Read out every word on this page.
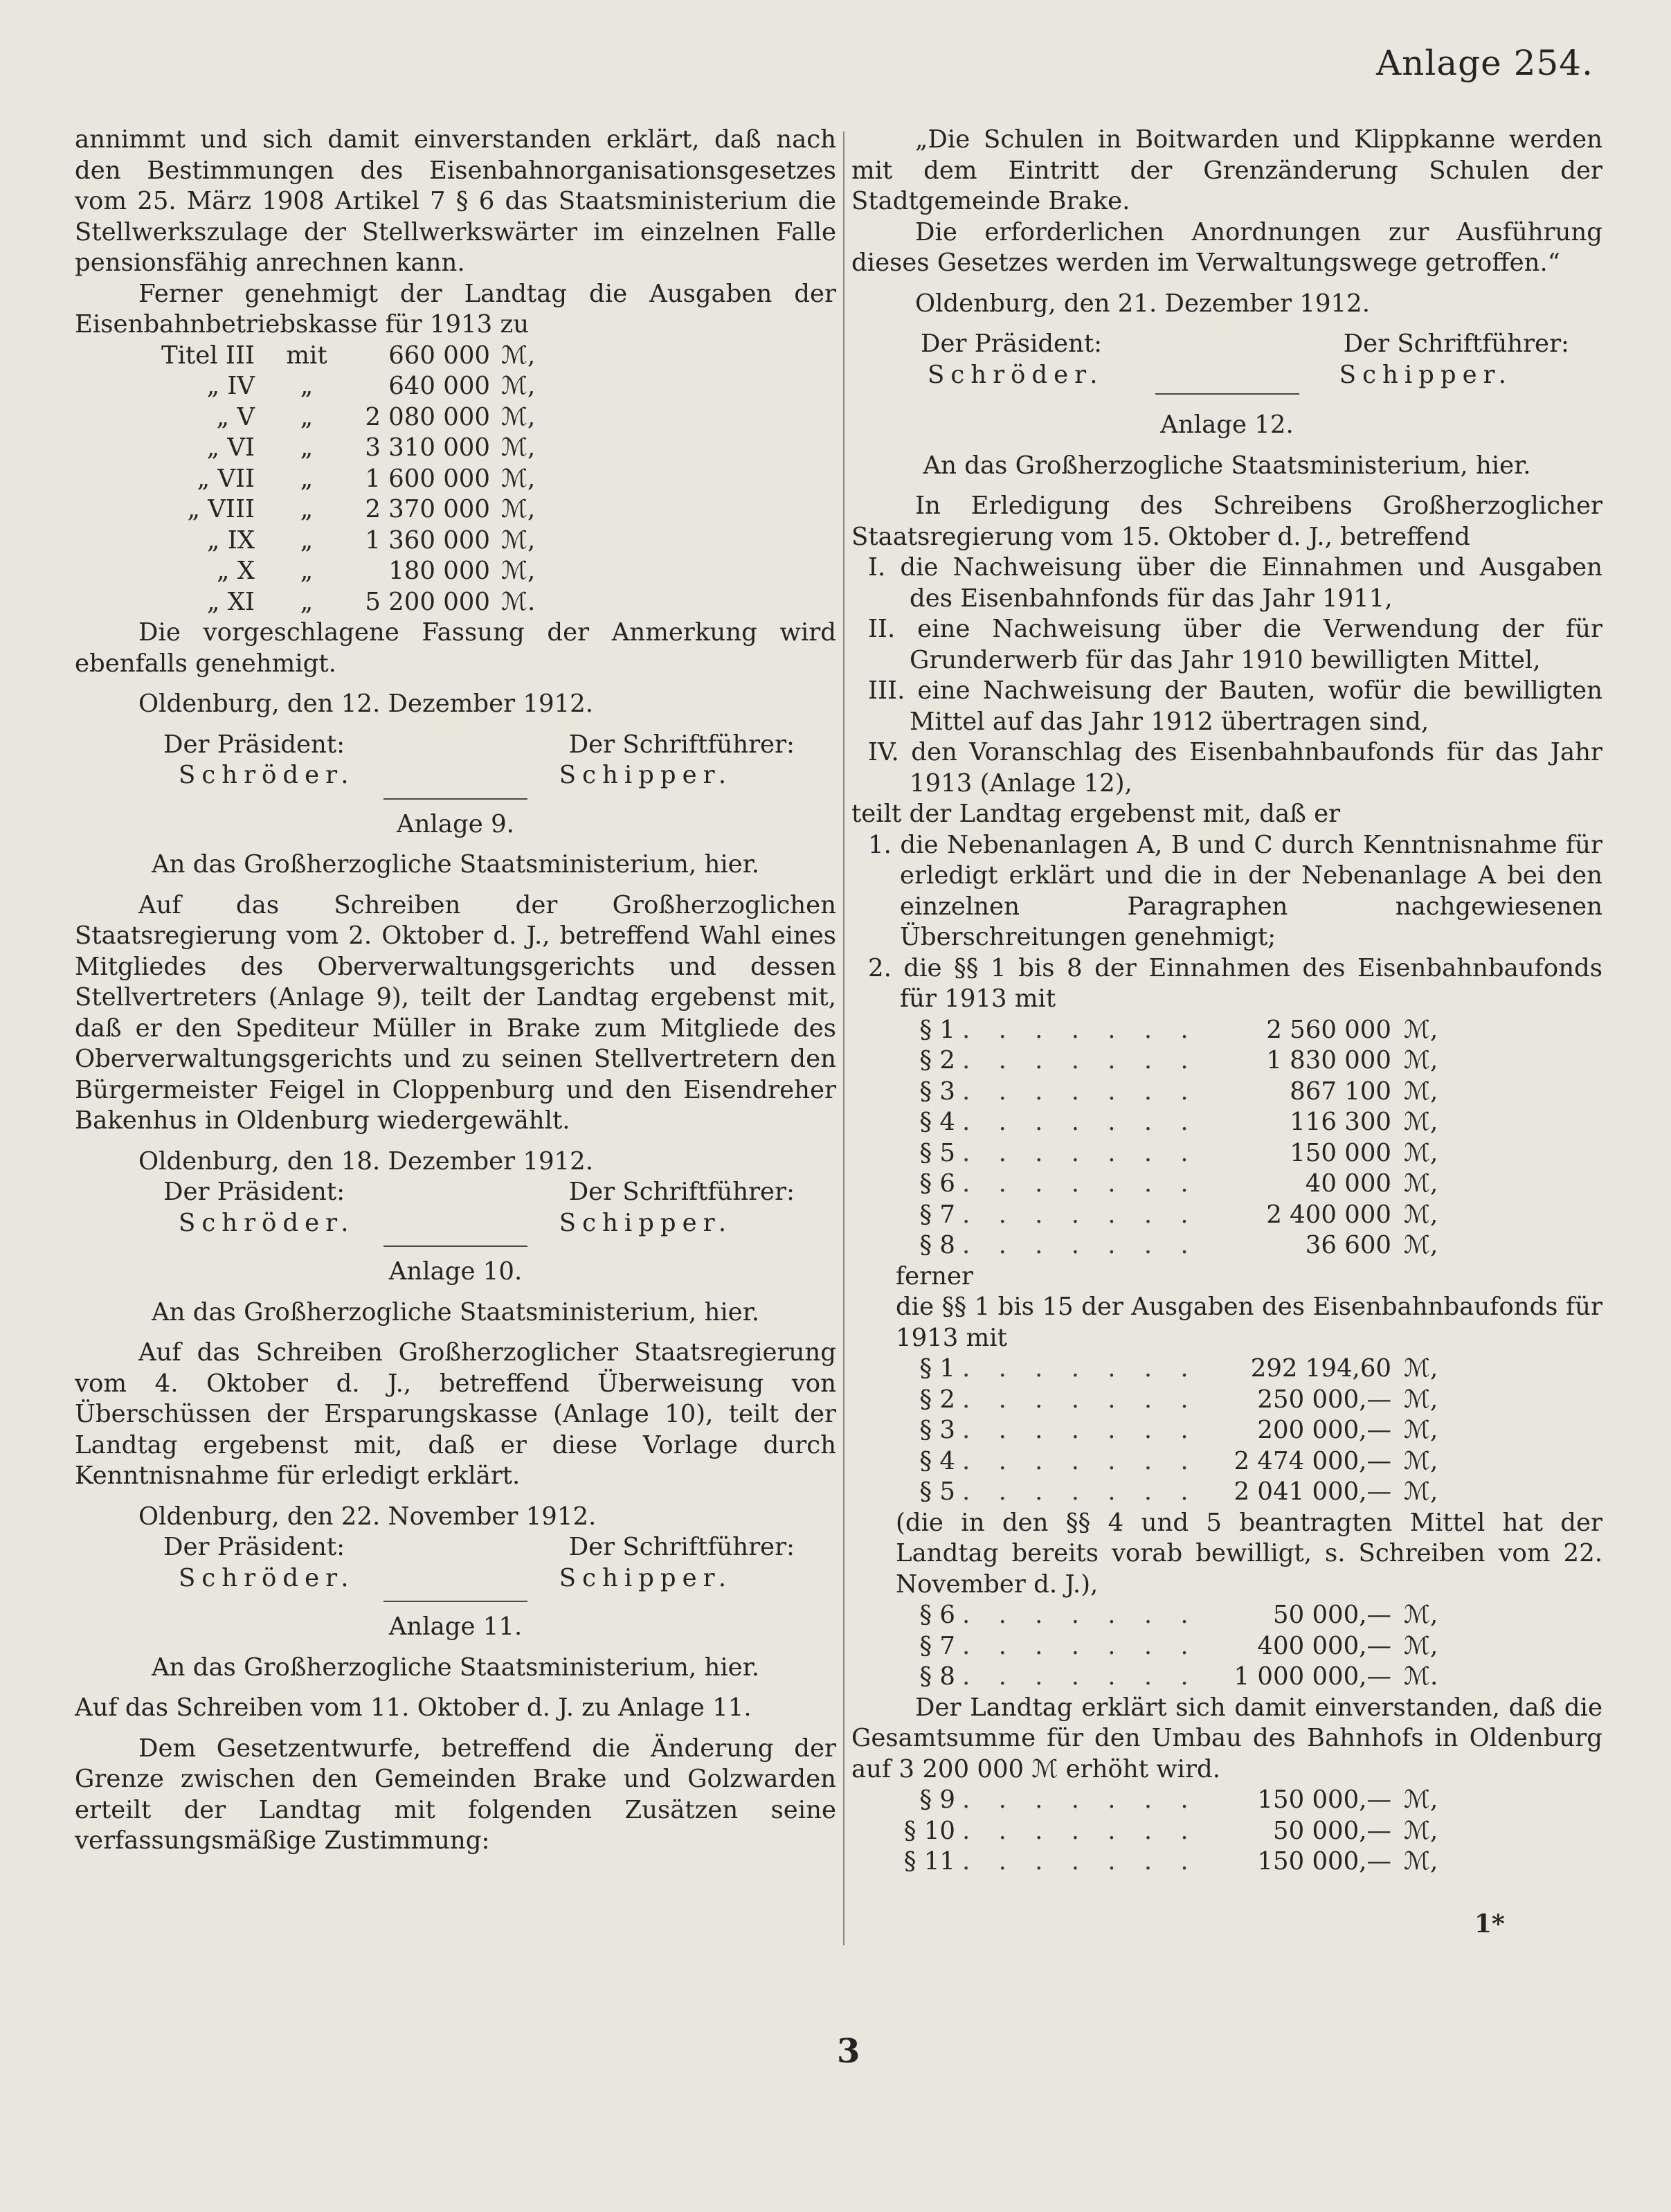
Anlage 254.

annimmt und sich damit einverstanden erklärt, daß nach den Bestimmungen des Eisenbahnorganisationsgesetzes vom 25. März 1908 Artikel 7 § 6 das Staatsministerium die Stellwerkszulage der Stellwerkswärter im einzelnen Falle pensionsfähig anrechnen kann.

Ferner genehmigt der Landtag die Ausgaben der Eisenbahnbetriebskasse für 1913 zu

Titel III	mit	660 000 ℳ,
„ IV	„	640 000 ℳ,
„ V	„	2 080 000 ℳ,
„ VI	„	3 310 000 ℳ,
„ VII	„	1 600 000 ℳ,
„ VIII	„	2 370 000 ℳ,
„ IX	„	1 360 000 ℳ,
„ X	„	180 000 ℳ,
„ XI	„	5 200 000 ℳ.

Die vorgeschlagene Fassung der Anmerkung wird ebenfalls genehmigt.

Oldenburg, den 12. Dezember 1912.

Der Präsident:	Der Schriftführer:
Schröder.	Schipper.

Anlage 9.

An das Großherzogliche Staatsministerium, hier.

Auf das Schreiben der Großherzoglichen Staatsregierung vom 2. Oktober d. J., betreffend Wahl eines Mitgliedes des Oberverwaltungsgerichts und dessen Stellvertreters (Anlage 9), teilt der Landtag ergebenst mit, daß er den Spediteur Müller in Brake zum Mitgliede des Oberverwaltungsgerichts und zu seinen Stellvertretern den Bürgermeister Feigel in Cloppenburg und den Eisendreher Bakenhus in Oldenburg wiedergewählt.

Oldenburg, den 18. Dezember 1912.

Der Präsident:	Der Schriftführer:
Schröder.	Schipper.

Anlage 10.

An das Großherzogliche Staatsministerium, hier.

Auf das Schreiben Großherzoglicher Staatsregierung vom 4. Oktober d. J., betreffend Überweisung von Überschüssen der Ersparungskasse (Anlage 10), teilt der Landtag ergebenst mit, daß er diese Vorlage durch Kenntnisnahme für erledigt erklärt.

Oldenburg, den 22. November 1912.

Der Präsident:	Der Schriftführer:
Schröder.	Schipper.

Anlage 11.

An das Großherzogliche Staatsministerium, hier.

Auf das Schreiben vom 11. Oktober d. J. zu Anlage 11.

Dem Gesetzentwurfe, betreffend die Änderung der Grenze zwischen den Gemeinden Brake und Golzwarden erteilt der Landtag mit folgenden Zusätzen seine verfassungsmäßige Zustimmung:

„Die Schulen in Boitwarden und Klippkanne werden mit dem Eintritt der Grenzänderung Schulen der Stadtgemeinde Brake.

Die erforderlichen Anordnungen zur Ausführung dieses Gesetzes werden im Verwaltungswege getroffen.“

Oldenburg, den 21. Dezember 1912.

Der Präsident:	Der Schriftführer:
Schröder.	Schipper.

Anlage 12.

An das Großherzogliche Staatsministerium, hier.

In Erledigung des Schreibens Großherzoglicher Staatsregierung vom 15. Oktober d. J., betreffend

I. die Nachweisung über die Einnahmen und Ausgaben des Eisenbahnfonds für das Jahr 1911,

II. eine Nachweisung über die Verwendung der für Grunderwerb für das Jahr 1910 bewilligten Mittel,

III. eine Nachweisung der Bauten, wofür die bewilligten Mittel auf das Jahr 1912 übertragen sind,

IV. den Voranschlag des Eisenbahnbaufonds für das Jahr 1913 (Anlage 12),

teilt der Landtag ergebenst mit, daß er

1. die Nebenanlagen A, B und C durch Kenntnisnahme für erledigt erklärt und die in der Nebenanlage A bei den einzelnen Paragraphen nachgewiesenen Überschreitungen genehmigt;

2. die §§ 1 bis 8 der Einnahmen des Eisenbahnbaufonds für 1913 mit

§ 1 . . . . . . .	2 560 000 ℳ,
§ 2 . . . . . . .	1 830 000 ℳ,
§ 3 . . . . . . .	867 100 ℳ,
§ 4 . . . . . . .	116 300 ℳ,
§ 5 . . . . . . .	150 000 ℳ,
§ 6 . . . . . . .	40 000 ℳ,
§ 7 . . . . . . .	2 400 000 ℳ,
§ 8 . . . . . . .	36 600 ℳ,

ferner

die §§ 1 bis 15 der Ausgaben des Eisenbahnbaufonds für 1913 mit

§ 1 . . . . . . .	292 194,60 ℳ,
§ 2 . . . . . . .	250 000,— ℳ,
§ 3 . . . . . . .	200 000,— ℳ,
§ 4 . . . . . . .	2 474 000,— ℳ,
§ 5 . . . . . . .	2 041 000,— ℳ,

(die in den §§ 4 und 5 beantragten Mittel hat der Landtag bereits vorab bewilligt, s. Schreiben vom 22. November d. J.),

§ 6 . . . . . . .	50 000,— ℳ,
§ 7 . . . . . . .	400 000,— ℳ,
§ 8 . . . . . . .	1 000 000,— ℳ.

Der Landtag erklärt sich damit einverstanden, daß die Gesamtsumme für den Umbau des Bahnhofs in Oldenburg auf 3 200 000 ℳ erhöht wird.

§ 9 . . . . . . .	150 000,— ℳ,
§ 10 . . . . . . .	50 000,— ℳ,
§ 11 . . . . . . .	150 000,— ℳ,
1*
3
